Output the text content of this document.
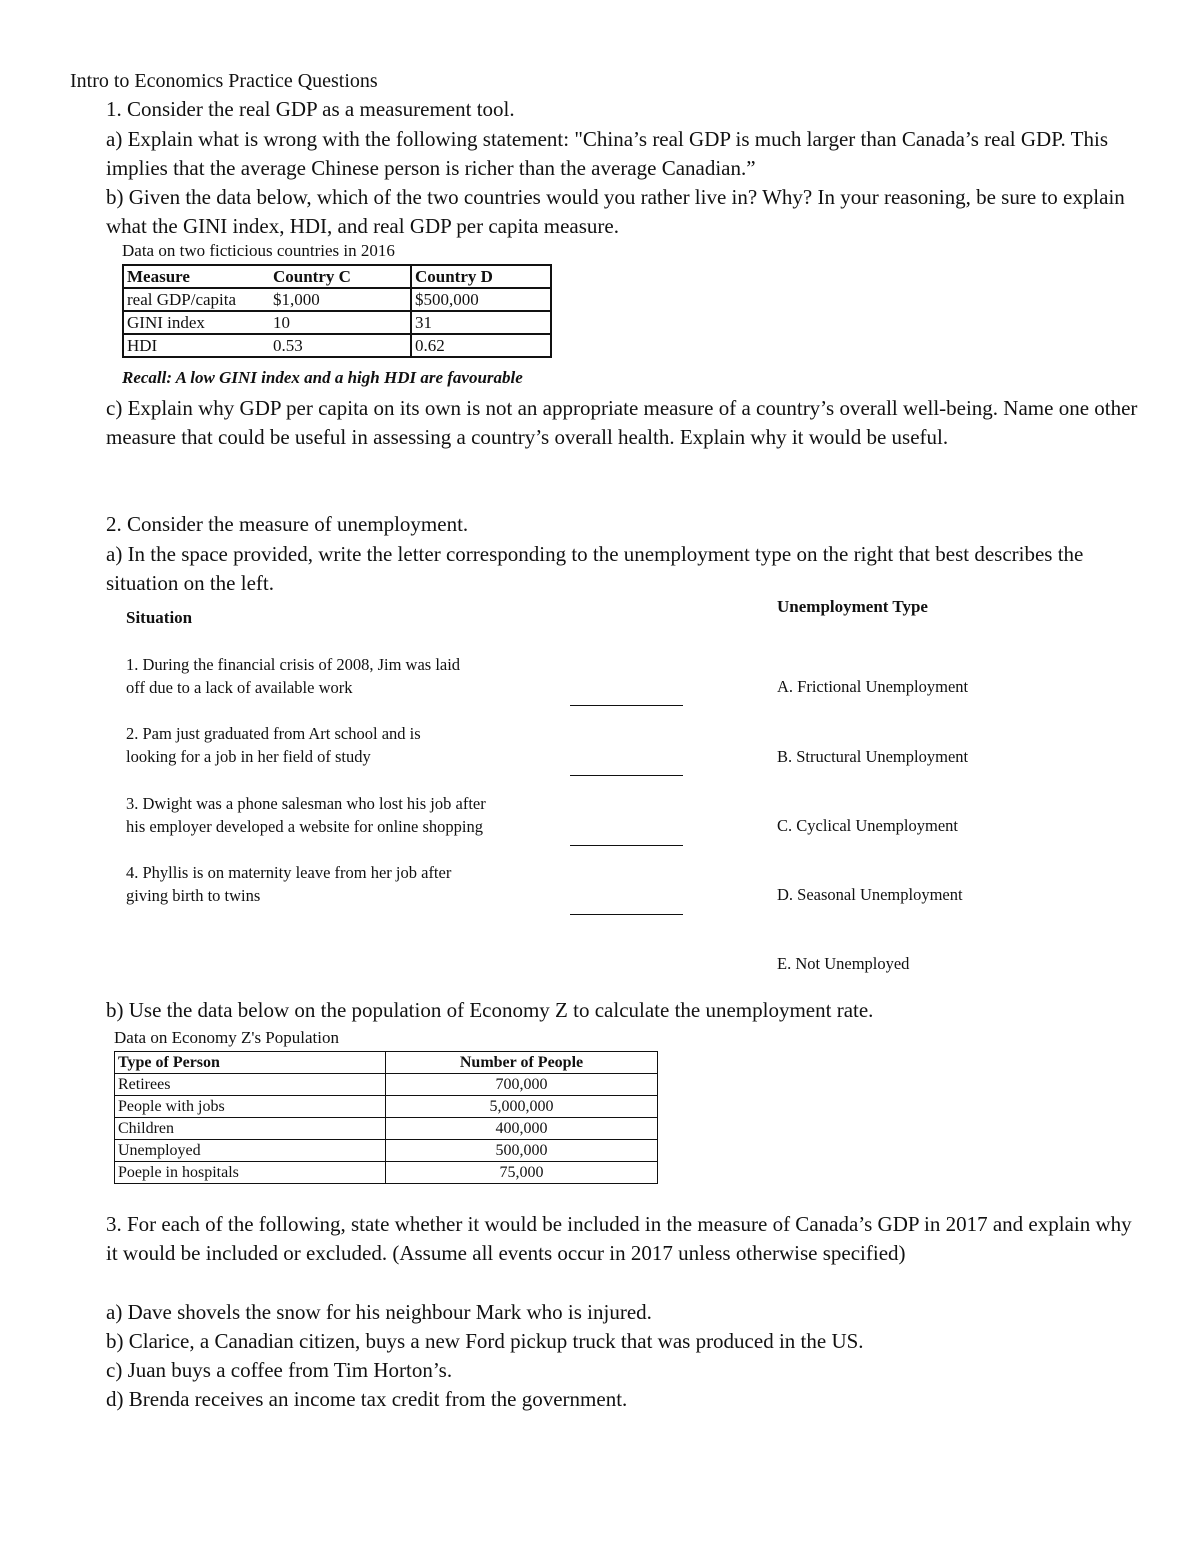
Intro to Economics Practice Questions
1. Consider the real GDP as a measurement tool.
a) Explain what is wrong with the following statement: "China’s real GDP is much larger than Canada’s real GDP. This implies that the average Chinese person is richer than the average Canadian.”
b) Given the data below, which of the two countries would you rather live in? Why? In your reasoning, be sure to explain what the GINI index, HDI, and real GDP per capita measure.
Data on two ficticious countries in 2016
Measure	Country C	Country D
real GDP/capita	$1,000	$500,000
GINI index	10	31
HDI	0.53	0.62
Recall: A low GINI index and a high HDI are favourable
c) Explain why GDP per capita on its own is not an appropriate measure of a country’s overall well-being. Name one other measure that could be useful in assessing a country’s overall health. Explain why it would be useful.
2. Consider the measure of unemployment.
a) In the space provided, write the letter corresponding to the unemployment type on the right that best describes the situation on the left.
Situation
Unemployment Type
1. During the financial crisis of 2008, Jim was laid
off due to a lack of available work
2. Pam just graduated from Art school and is
looking for a job in her field of study
3. Dwight was a phone salesman who lost his job after
his employer developed a website for online shopping
4. Phyllis is on maternity leave from her job after
giving birth to twins
A. Frictional Unemployment
B. Structural Unemployment
C. Cyclical Unemployment
D. Seasonal Unemployment
E. Not Unemployed
b) Use the data below on the population of Economy Z to calculate the unemployment rate.
Data on Economy Z's Population
Type of Person	Number of People
Retirees	700,000
People with jobs	5,000,000
Children	400,000
Unemployed	500,000
Poeple in hospitals	75,000
3. For each of the following, state whether it would be included in the measure of Canada’s GDP in 2017 and explain why it would be included or excluded. (Assume all events occur in 2017 unless otherwise specified)
a) Dave shovels the snow for his neighbour Mark who is injured.
b) Clarice, a Canadian citizen, buys a new Ford pickup truck that was produced in the US.
c) Juan buys a coffee from Tim Horton’s.
d) Brenda receives an income tax credit from the government.
